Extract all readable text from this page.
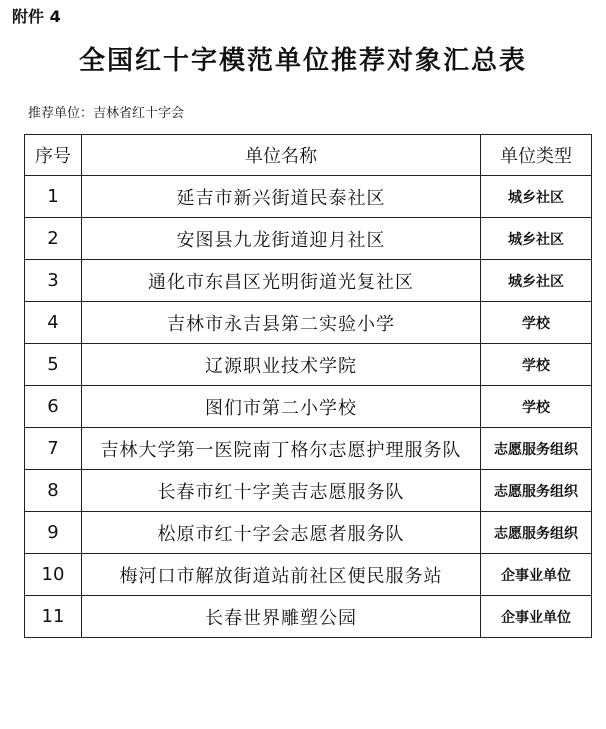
附件 4
全国红十字模范单位推荐对象汇总表
推荐单位：吉林省红十字会
序号	单位名称	单位类型
1	延吉市新兴街道民泰社区	城乡社区
2	安图县九龙街道迎月社区	城乡社区
3	通化市东昌区光明街道光复社区	城乡社区
4	吉林市永吉县第二实验小学	学校
5	辽源职业技术学院	学校
6	图们市第二小学校	学校
7	吉林大学第一医院南丁格尔志愿护理服务队	志愿服务组织
8	长春市红十字美吉志愿服务队	志愿服务组织
9	松原市红十字会志愿者服务队	志愿服务组织
10	梅河口市解放街道站前社区便民服务站	企事业单位
11	长春世界雕塑公园	企事业单位
